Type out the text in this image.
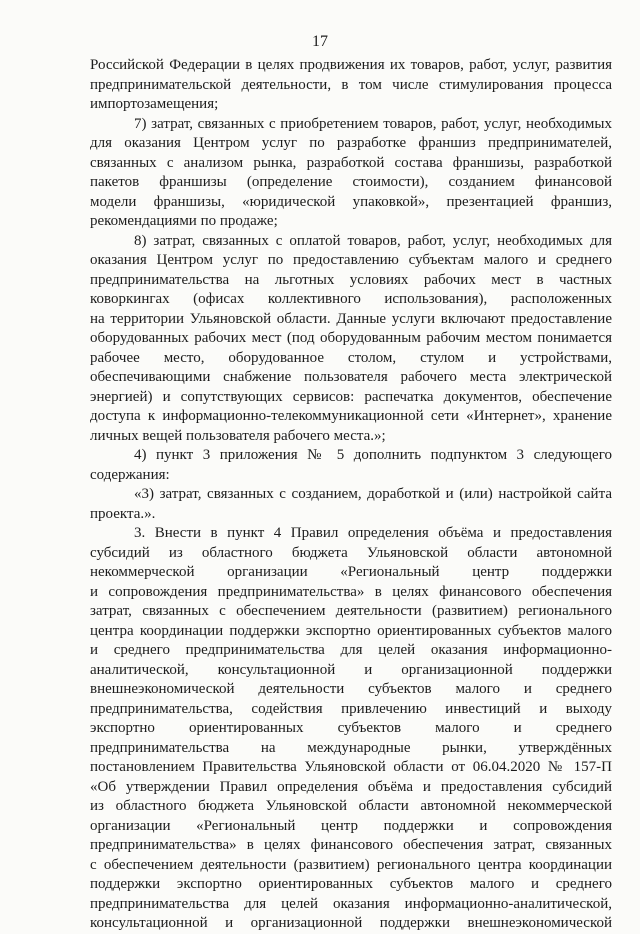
17
Российской Федерации в целях продвижения их товаров, работ, услуг, развития
предпринимательской деятельности, в том числе стимулирования процесса
импортозамещения;
7) затрат, связанных с приобретением товаров, работ, услуг, необходимых
для оказания Центром услуг по разработке франшиз предпринимателей,
связанных с анализом рынка, разработкой состава франшизы, разработкой
пакетов франшизы (определение стоимости), созданием финансовой
модели франшизы, «юридической упаковкой», презентацией франшиз,
рекомендациями по продаже;
8) затрат, связанных с оплатой товаров, работ, услуг, необходимых для
оказания Центром услуг по предоставлению субъектам малого и среднего
предпринимательства на льготных условиях рабочих мест в частных
коворкингах (офисах коллективного использования), расположенных
на территории Ульяновской области. Данные услуги включают предоставление
оборудованных рабочих мест (под оборудованным рабочим местом понимается
рабочее место, оборудованное столом, стулом и устройствами,
обеспечивающими снабжение пользователя рабочего места электрической
энергией) и сопутствующих сервисов: распечатка документов, обеспечение
доступа к информационно-телекоммуникационной сети «Интернет», хранение
личных вещей пользователя рабочего места.»;
4) пункт 3 приложения № 5 дополнить подпунктом 3 следующего
содержания:
«3) затрат, связанных с созданием, доработкой и (или) настройкой сайта
проекта.».
3. Внести в пункт 4 Правил определения объёма и предоставления
субсидий из областного бюджета Ульяновской области автономной
некоммерческой организации «Региональный центр поддержки
и сопровождения предпринимательства» в целях финансового обеспечения
затрат, связанных с обеспечением деятельности (развитием) регионального
центра координации поддержки экспортно ориентированных субъектов малого
и среднего предпринимательства для целей оказания информационно-
аналитической, консультационной и организационной поддержки
внешнеэкономической деятельности субъектов малого и среднего
предпринимательства, содействия привлечению инвестиций и выходу
экспортно ориентированных субъектов малого и среднего
предпринимательства на международные рынки, утверждённых
постановлением Правительства Ульяновской области от 06.04.2020 № 157-П
«Об утверждении Правил определения объёма и предоставления субсидий
из областного бюджета Ульяновской области автономной некоммерческой
организации «Региональный центр поддержки и сопровождения
предпринимательства» в целях финансового обеспечения затрат, связанных
с обеспечением деятельности (развитием) регионального центра координации
поддержки экспортно ориентированных субъектов малого и среднего
предпринимательства для целей оказания информационно-аналитической,
консультационной и организационной поддержки внешнеэкономической
